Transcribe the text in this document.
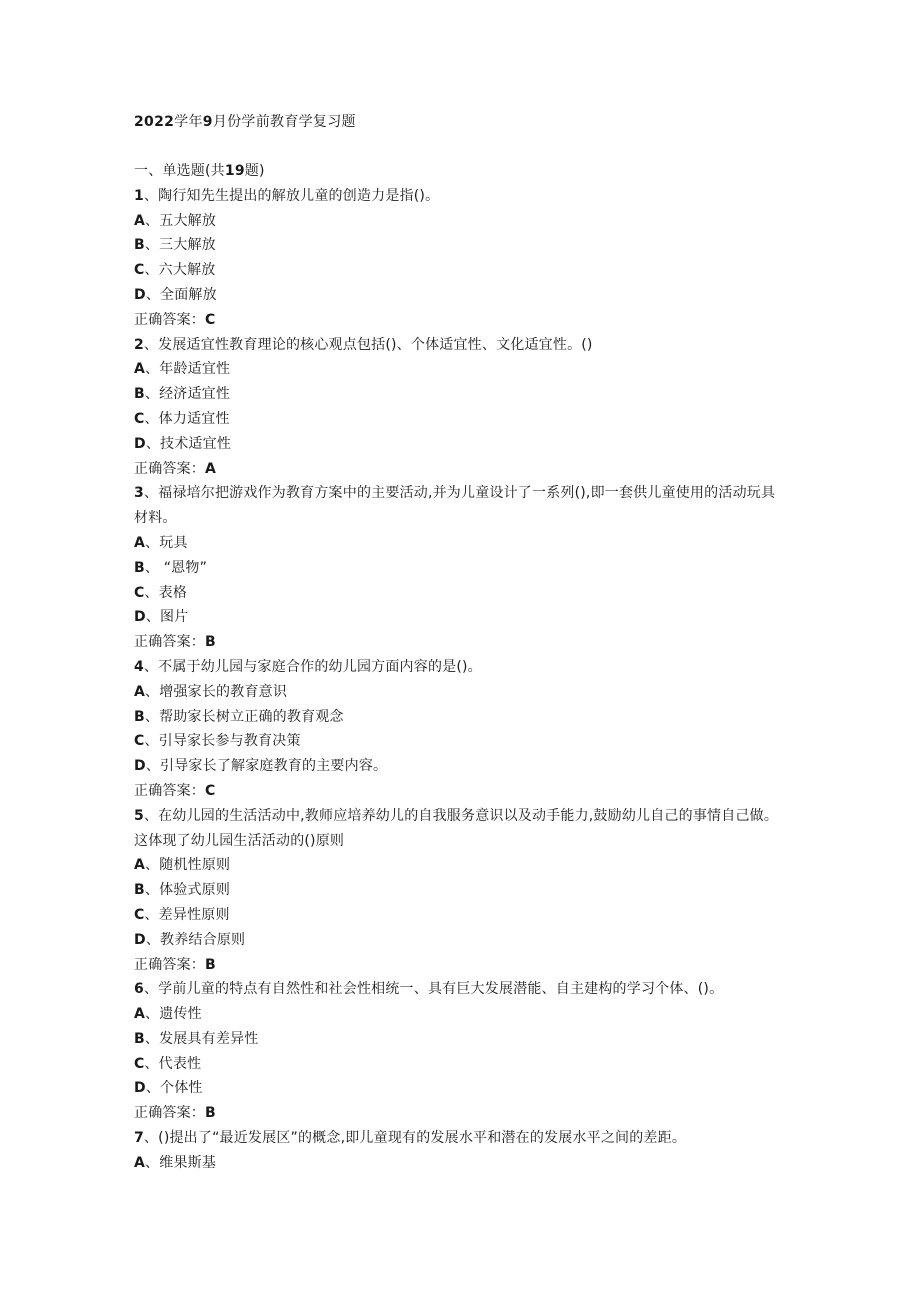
2022学年9月份学前教育学复习题
一、单选题(共19题)
1、陶行知先生提出的解放儿童的创造力是指()。
A、五大解放
B、三大解放
C、六大解放
D、全面解放
正确答案：C
2、发展适宜性教育理论的核心观点包括()、个体适宜性、文化适宜性。()
A、年龄适宜性
B、经济适宜性
C、体力适宜性
D、技术适宜性
正确答案：A
3、福禄培尔把游戏作为教育方案中的主要活动,并为儿童设计了一系列(),即一套供儿童使用的活动玩具材料。
A、玩具
B、 “恩物”
C、表格
D、图片
正确答案：B
4、不属于幼儿园与家庭合作的幼儿园方面内容的是()。
A、增强家长的教育意识
B、帮助家长树立正确的教育观念
C、引导家长参与教育决策
D、引导家长了解家庭教育的主要内容。
正确答案：C
5、在幼儿园的生活活动中,教师应培养幼儿的自我服务意识以及动手能力,鼓励幼儿自己的事情自己做。这体现了幼儿园生活活动的()原则
A、随机性原则
B、体验式原则
C、差异性原则
D、教养结合原则
正确答案：B
6、学前儿童的特点有自然性和社会性相统一、具有巨大发展潜能、自主建构的学习个体、()。
A、遗传性
B、发展具有差异性
C、代表性
D、个体性
正确答案：B
7、()提出了“最近发展区”的概念,即儿童现有的发展水平和潜在的发展水平之间的差距。
A、维果斯基
